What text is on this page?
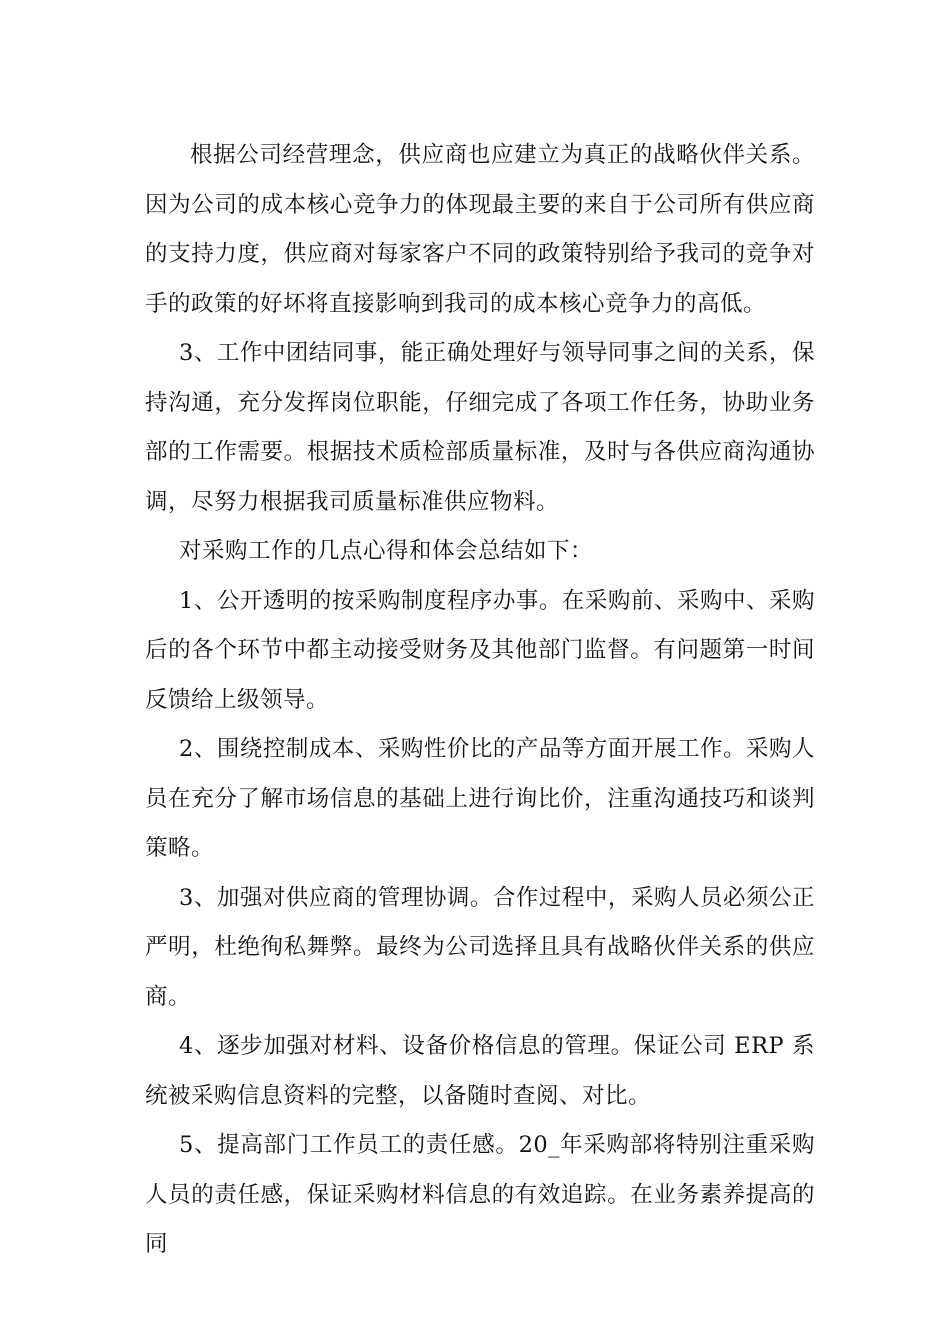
根据公司经营理念，供应商也应建立为真正的战略伙伴关系。因为公司的成本核心竞争力的体现最主要的来自于公司所有供应商的支持力度，供应商对每家客户不同的政策特别给予我司的竞争对手的政策的好坏将直接影响到我司的成本核心竞争力的高低。

3、工作中团结同事，能正确处理好与领导同事之间的关系，保持沟通，充分发挥岗位职能，仔细完成了各项工作任务，协助业务部的工作需要。根据技术质检部质量标准，及时与各供应商沟通协调，尽努力根据我司质量标准供应物料。

对采购工作的几点心得和体会总结如下：

1、公开透明的按采购制度程序办事。在采购前、采购中、采购后的各个环节中都主动接受财务及其他部门监督。有问题第一时间反馈给上级领导。

2、围绕控制成本、采购性价比的产品等方面开展工作。采购人员在充分了解市场信息的基础上进行询比价，注重沟通技巧和谈判策略。

3、加强对供应商的管理协调。合作过程中，采购人员必须公正严明，杜绝徇私舞弊。最终为公司选择且具有战略伙伴关系的供应商。

4、逐步加强对材料、设备价格信息的管理。保证公司 ERP 系统被采购信息资料的完整，以备随时查阅、对比。

5、提高部门工作员工的责任感。20_年采购部将特别注重采购人员的责任感，保证采购材料信息的有效追踪。在业务素养提高的同
